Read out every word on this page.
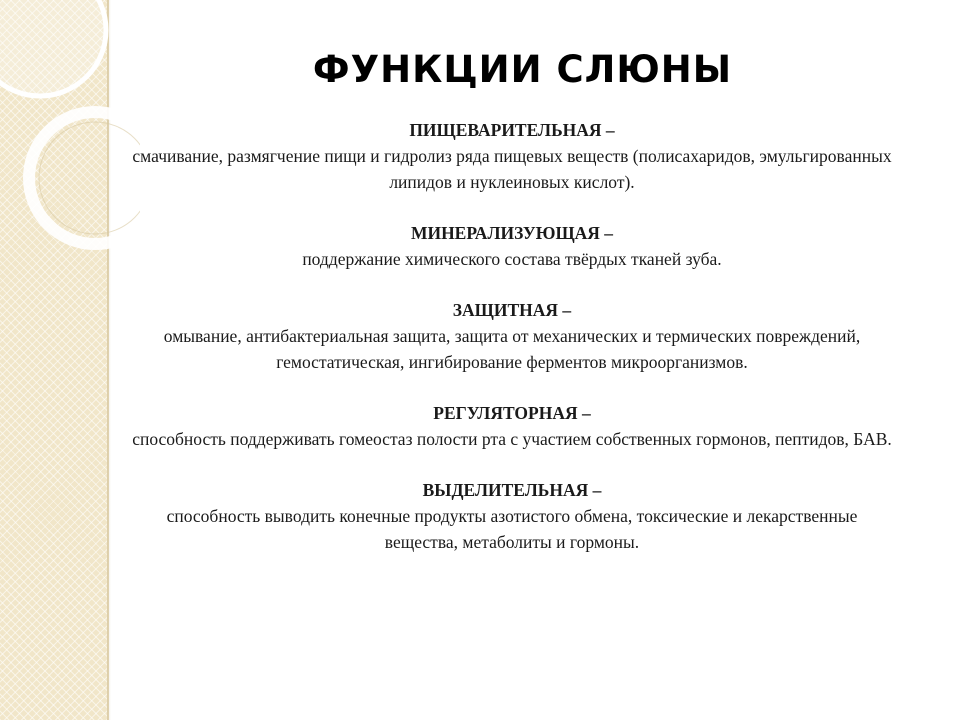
ФУНКЦИИ СЛЮНЫ
ПИЩЕВАРИТЕЛЬНАЯ –
смачивание, размягчение пищи и гидролиз ряда пищевых веществ (полисахаридов, эмульгированных липидов и нуклеиновых кислот).
МИНЕРАЛИЗУЮЩАЯ –
поддержание химического состава твёрдых тканей зуба.
ЗАЩИТНАЯ –
омывание, антибактериальная защита, защита от механических и термических повреждений, гемостатическая, ингибирование ферментов микроорганизмов.
РЕГУЛЯТОРНАЯ –
способность поддерживать гомеостаз полости рта с участием собственных гормонов, пептидов, БАВ.
ВЫДЕЛИТЕЛЬНАЯ –
способность выводить конечные продукты азотистого обмена, токсические и лекарственные вещества, метаболиты и гормоны.
